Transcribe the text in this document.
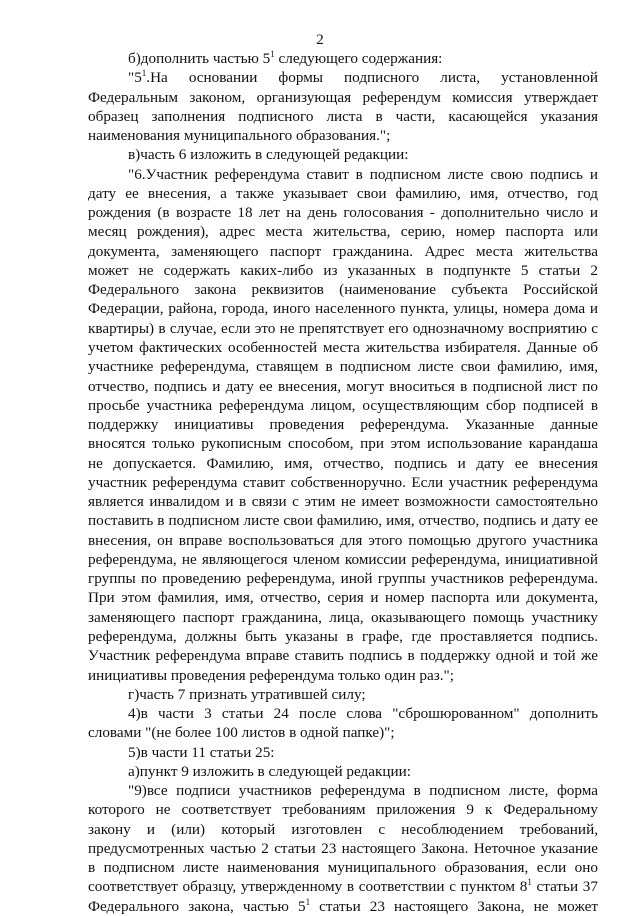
2
б)дополнить частью $5^1$ следующего содержания:
"$5^1.На$ основании формы подписного листа, установленной
Федеральным законом, организующая референдум комиссия утверждает
образец заполнения подписного листа в части, касающейся указания
наименования муниципального образования.";
в)часть 6 изложить в следующей редакции:
"6.Участник референдума ставит в подписном листе свою подпись и
дату ее внесения, а также указывает свои фамилию, имя, отчество, год
рождения (в возрасте 18 лет на день голосования - дополнительно число и
месяц рождения), адрес места жительства, серию, номер паспорта или
документа, заменяющего паспорт гражданина. Адрес места жительства
может не содержать каких-либо из указанных в подпункте 5 статьи 2
Федерального закона реквизитов (наименование субъекта Российской
Федерации, района, города, иного населенного пункта, улицы, номера дома и
квартиры) в случае, если это не препятствует его однозначному восприятию с
учетом фактических особенностей места жительства избирателя. Данные об
участнике референдума, ставящем в подписном листе свои фамилию, имя,
отчество, подпись и дату ее внесения, могут вноситься в подписной лист по
просьбе участника референдума лицом, осуществляющим сбор подписей в
поддержку инициативы проведения референдума. Указанные данные
вносятся только рукописным способом, при этом использование карандаша
не допускается. Фамилию, имя, отчество, подпись и дату ее внесения
участник референдума ставит собственноручно. Если участник референдума
является инвалидом и в связи с этим не имеет возможности самостоятельно
поставить в подписном листе свои фамилию, имя, отчество, подпись и дату ее
внесения, он вправе воспользоваться для этого помощью другого участника
референдума, не являющегося членом комиссии референдума, инициативной
группы по проведению референдума, иной группы участников референдума.
При этом фамилия, имя, отчество, серия и номер паспорта или документа,
заменяющего паспорт гражданина, лица, оказывающего помощь участнику
референдума, должны быть указаны в графе, где проставляется подпись.
Участник референдума вправе ставить подпись в поддержку одной и той же
инициативы проведения референдума только один раз.";
г)часть 7 признать утратившей силу;
4)в части 3 статьи 24 после слова "сброшюрованном" дополнить
словами "(не более 100 листов в одной папке)";
5)в части 11 статьи 25:
а)пункт 9 изложить в следующей редакции:
"9)все подписи участников референдума в подписном листе, форма
которого не соответствует требованиям приложения 9 к Федеральному
закону и (или) который изготовлен с несоблюдением требований,
предусмотренных частью 2 статьи 23 настоящего Закона. Неточное указание
в подписном листе наименования муниципального образования, если оно
соответствует образцу, утвержденному в соответствии с пунктом $8^1$ статьи 37
Федерального закона, частью $5^1$ статьи 23 настоящего Закона, не может
